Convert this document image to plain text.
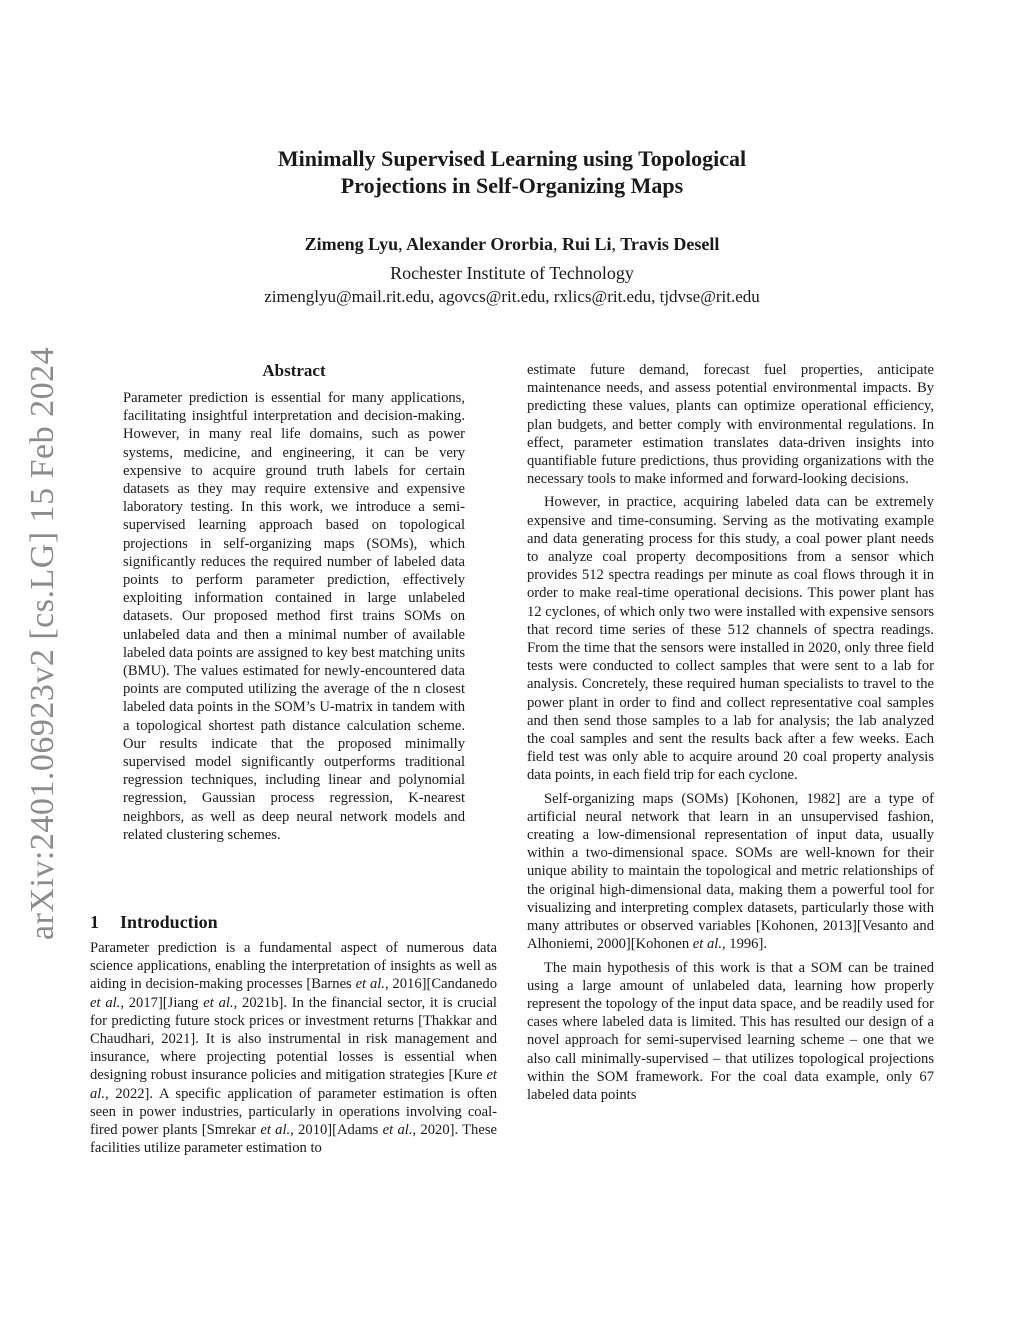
arXiv:2401.06923v2 [cs.LG] 15 Feb 2024
Minimally Supervised Learning using Topological
Projections in Self-Organizing Maps
Zimeng Lyu, Alexander Ororbia, Rui Li, Travis Desell
Rochester Institute of Technology
zimenglyu@mail.rit.edu, agovcs@rit.edu, rxlics@rit.edu, tjdvse@rit.edu
Abstract

Parameter prediction is essential for many applications, facilitating insightful interpretation and decision-making. However, in many real life domains, such as power systems, medicine, and engineering, it can be very expensive to acquire ground truth labels for certain datasets as they may require extensive and expensive laboratory testing. In this work, we introduce a semi-supervised learning approach based on topological projections in self-organizing maps (SOMs), which significantly reduces the required number of labeled data points to perform parameter prediction, effectively exploiting information contained in large unlabeled datasets. Our proposed method first trains SOMs on unlabeled data and then a minimal number of available labeled data points are assigned to key best matching units (BMU). The values estimated for newly-encountered data points are computed utilizing the average of the n closest labeled data points in the SOM’s U-matrix in tandem with a topological shortest path distance calculation scheme. Our results indicate that the proposed minimally supervised model significantly outperforms traditional regression techniques, including linear and polynomial regression, Gaussian process regression, K-nearest neighbors, as well as deep neural network models and related clustering schemes.

1 Introduction

Parameter prediction is a fundamental aspect of numerous data science applications, enabling the interpretation of insights as well as aiding in decision-making processes [Barnes et al., 2016][Candanedo et al., 2017][Jiang et al., 2021b]. In the financial sector, it is crucial for predicting future stock prices or investment returns [Thakkar and Chaudhari, 2021]. It is also instrumental in risk management and insurance, where projecting potential losses is essential when designing robust insurance policies and mitigation strategies [Kure et al., 2022]. A specific application of parameter estimation is often seen in power industries, particularly in operations involving coal-fired power plants [Smrekar et al., 2010][Adams et al., 2020]. These facilities utilize parameter estimation to

estimate future demand, forecast fuel properties, anticipate maintenance needs, and assess potential environmental impacts. By predicting these values, plants can optimize operational efficiency, plan budgets, and better comply with environmental regulations. In effect, parameter estimation translates data-driven insights into quantifiable future predictions, thus providing organizations with the necessary tools to make informed and forward-looking decisions.

However, in practice, acquiring labeled data can be extremely expensive and time-consuming. Serving as the motivating example and data generating process for this study, a coal power plant needs to analyze coal property decompositions from a sensor which provides 512 spectra readings per minute as coal flows through it in order to make real-time operational decisions. This power plant has 12 cyclones, of which only two were installed with expensive sensors that record time series of these 512 channels of spectra readings. From the time that the sensors were installed in 2020, only three field tests were conducted to collect samples that were sent to a lab for analysis. Concretely, these required human specialists to travel to the power plant in order to find and collect representative coal samples and then send those samples to a lab for analysis; the lab analyzed the coal samples and sent the results back after a few weeks. Each field test was only able to acquire around 20 coal property analysis data points, in each field trip for each cyclone.

Self-organizing maps (SOMs) [Kohonen, 1982] are a type of artificial neural network that learn in an unsupervised fashion, creating a low-dimensional representation of input data, usually within a two-dimensional space. SOMs are well-known for their unique ability to maintain the topological and metric relationships of the original high-dimensional data, making them a powerful tool for visualizing and interpreting complex datasets, particularly those with many attributes or observed variables [Kohonen, 2013][Vesanto and Alhoniemi, 2000][Kohonen et al., 1996].

The main hypothesis of this work is that a SOM can be trained using a large amount of unlabeled data, learning how properly represent the topology of the input data space, and be readily used for cases where labeled data is limited. This has resulted our design of a novel approach for semi-supervised learning scheme – one that we also call minimally-supervised – that utilizes topological projections within the SOM framework. For the coal data example, only 67 labeled data points
